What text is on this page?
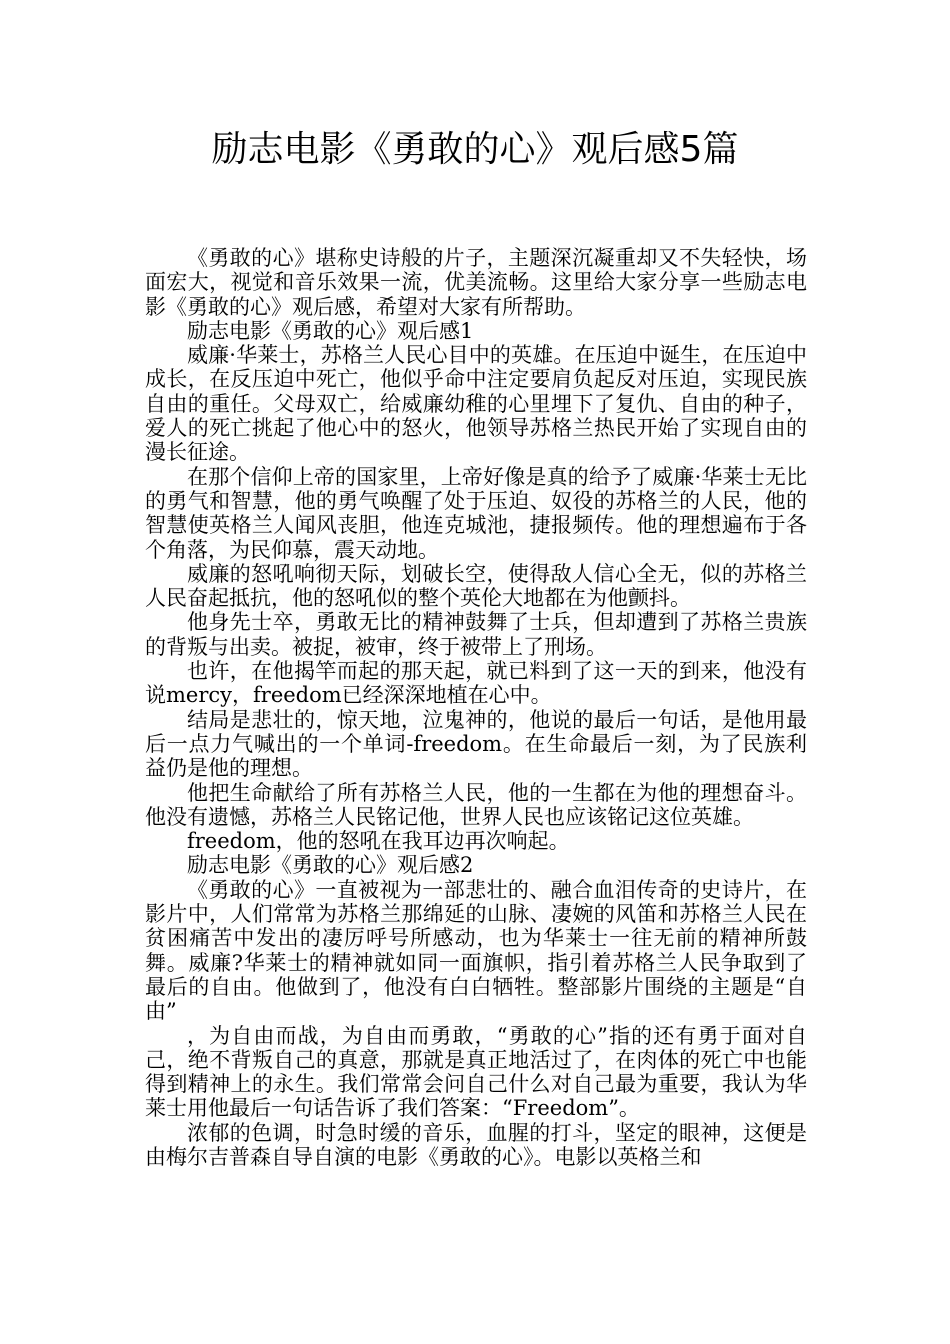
励志电影《勇敢的心》观后感5篇

《勇敢的心》堪称史诗般的片子，主题深沉凝重却又不失轻快，场面宏大，视觉和音乐效果一流，优美流畅。这里给大家分享一些励志电影《勇敢的心》观后感，希望对大家有所帮助。

励志电影《勇敢的心》观后感1

威廉·华莱士，苏格兰人民心目中的英雄。在压迫中诞生，在压迫中成长，在反压迫中死亡，他似乎命中注定要肩负起反对压迫，实现民族自由的重任。父母双亡，给威廉幼稚的心里埋下了复仇、自由的种子，爱人的死亡挑起了他心中的怒火，他领导苏格兰热民开始了实现自由的漫长征途。

在那个信仰上帝的国家里，上帝好像是真的给予了威廉·华莱士无比的勇气和智慧，他的勇气唤醒了处于压迫、奴役的苏格兰的人民，他的智慧使英格兰人闻风丧胆，他连克城池，捷报频传。他的理想遍布于各个角落，为民仰慕，震天动地。

威廉的怒吼响彻天际，划破长空，使得敌人信心全无，似的苏格兰人民奋起抵抗，他的怒吼似的整个英伦大地都在为他颤抖。

他身先士卒，勇敢无比的精神鼓舞了士兵，但却遭到了苏格兰贵族的背叛与出卖。被捉，被审，终于被带上了刑场。

也许，在他揭竿而起的那天起，就已料到了这一天的到来，他没有说mercy，freedom已经深深地植在心中。

结局是悲壮的，惊天地，泣鬼神的，他说的最后一句话，是他用最后一点力气喊出的一个单词-freedom。在生命最后一刻，为了民族利益仍是他的理想。

他把生命献给了所有苏格兰人民，他的一生都在为他的理想奋斗。他没有遗憾，苏格兰人民铭记他，世界人民也应该铭记这位英雄。

freedom，他的怒吼在我耳边再次响起。

励志电影《勇敢的心》观后感2

《勇敢的心》一直被视为一部悲壮的、融合血泪传奇的史诗片，在影片中，人们常常为苏格兰那绵延的山脉、凄婉的风笛和苏格兰人民在贫困痛苦中发出的凄厉呼号所感动，也为华莱士一往无前的精神所鼓舞。威廉?华莱士的精神就如同一面旗帜，指引着苏格兰人民争取到了最后的自由。他做到了，他没有白白牺牲。整部影片围绕的主题是“自由”

，为自由而战，为自由而勇敢，“勇敢的心”指的还有勇于面对自己，绝不背叛自己的真意，那就是真正地活过了，在肉体的死亡中也能得到精神上的永生。我们常常会问自己什么对自己最为重要，我认为华莱士用他最后一句话告诉了我们答案：“Freedom”。

浓郁的色调，时急时缓的音乐，血腥的打斗，坚定的眼神，这便是由梅尔吉普森自导自演的电影《勇敢的心》。电影以英格兰和
